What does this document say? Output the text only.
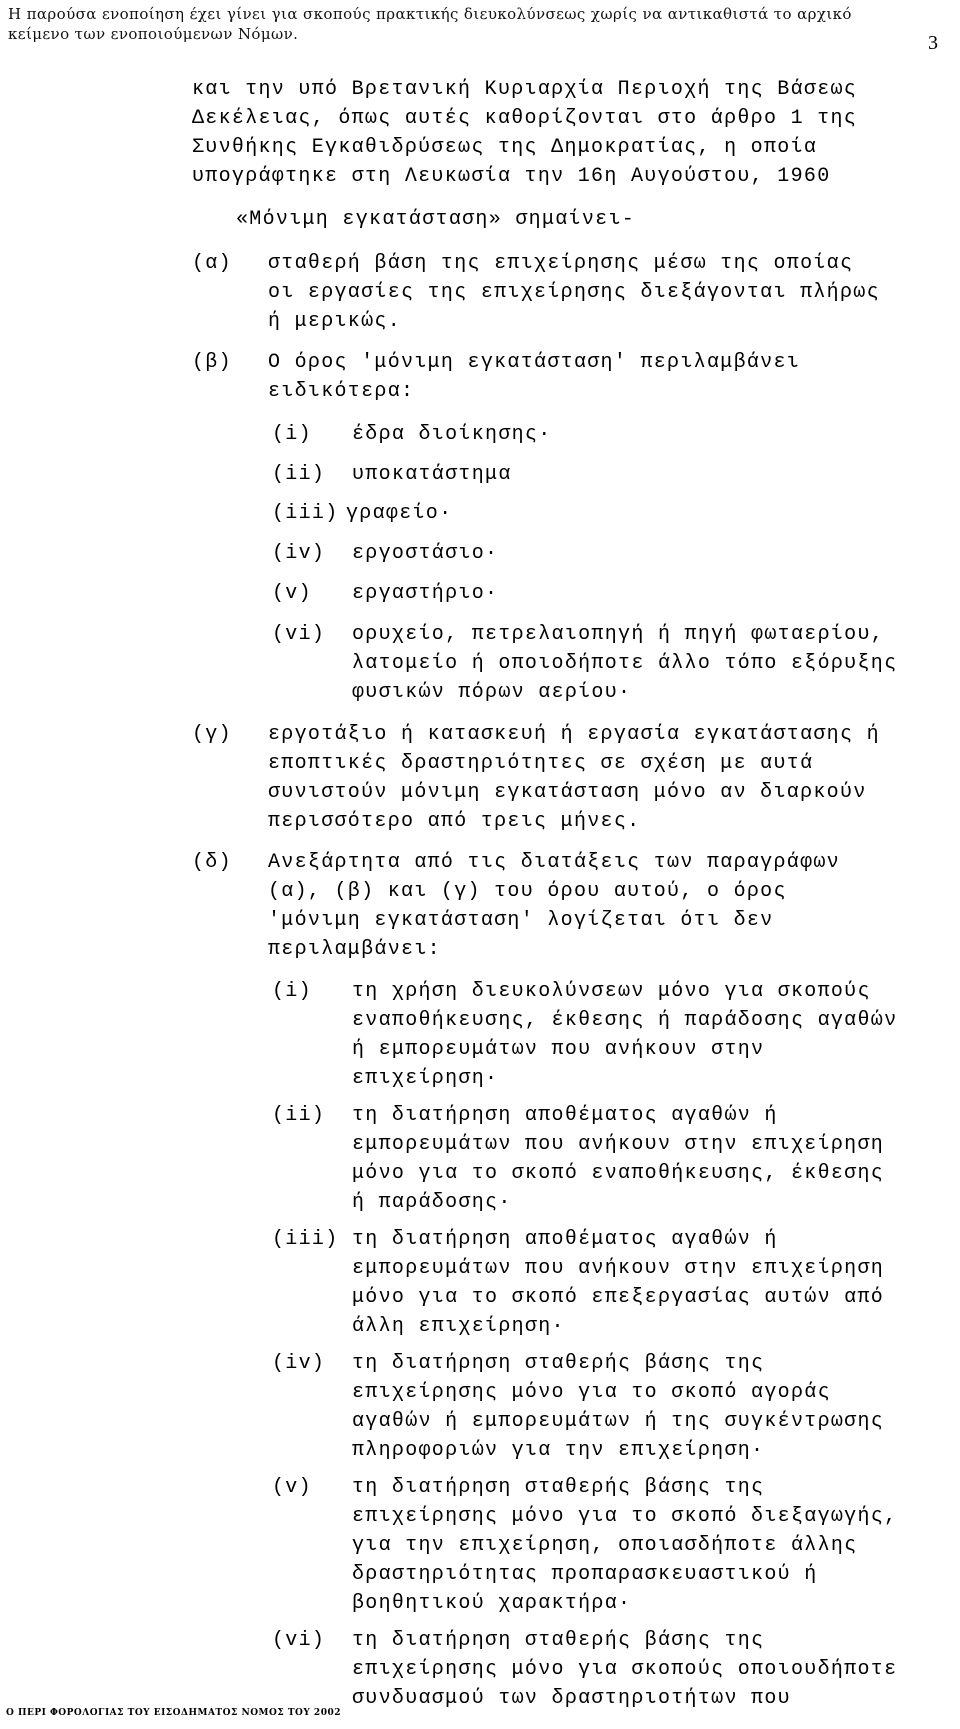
Η παρούσα ενοποίηση έχει γίνει για σκοπούς πρακτικής διευκολύνσεως χωρίς να αντικαθιστά το αρχικό κείμενο των ενοποιούμενων Νόμων.	3
και την υπό Βρετανική Κυριαρχία Περιοχή της Βάσεως
Δεκέλειας, όπως αυτές καθορίζονται στο άρθρο 1 της
Συνθήκης Εγκαθιδρύσεως της Δημοκρατίας, η οποία
υπογράφτηκε στη Λευκωσία την 16η Αυγούστου, 1960
«Μόνιμη εγκατάσταση» σημαίνει-
(α) σταθερή βάση της επιχείρησης μέσω της οποίας
οι εργασίες της επιχείρησης διεξάγονται πλήρως
ή μερικώς.
(β) Ο όρος 'μόνιμη εγκατάσταση' περιλαμβάνει
ειδικότερα:
(i) έδρα διοίκησης·
(ii) υποκατάστημα
(iii) γραφείο·
(iv) εργοστάσιο·
(v) εργαστήριο·
(vi) ορυχείο, πετρελαιοπηγή ή πηγή φωταερίου,
λατομείο ή οποιοδήποτε άλλο τόπο εξόρυξης
φυσικών πόρων αερίου·
(γ) εργοτάξιο ή κατασκευή ή εργασία εγκατάστασης ή
εποπτικές δραστηριότητες σε σχέση με αυτά
συνιστούν μόνιμη εγκατάσταση μόνο αν διαρκούν
περισσότερο από τρεις μήνες.
(δ) Ανεξάρτητα από τις διατάξεις των παραγράφων
(α), (β) και (γ) του όρου αυτού, ο όρος
'μόνιμη εγκατάσταση' λογίζεται ότι δεν
περιλαμβάνει:
(i) τη χρήση διευκολύνσεων μόνο για σκοπούς
εναποθήκευσης, έκθεσης ή παράδοσης αγαθών
ή εμπορευμάτων που ανήκουν στην
επιχείρηση·
(ii) τη διατήρηση αποθέματος αγαθών ή
εμπορευμάτων που ανήκουν στην επιχείρηση
μόνο για το σκοπό εναποθήκευσης, έκθεσης
ή παράδοσης·
(iii) τη διατήρηση αποθέματος αγαθών ή
εμπορευμάτων που ανήκουν στην επιχείρηση
μόνο για το σκοπό επεξεργασίας αυτών από
άλλη επιχείρηση·
(iv) τη διατήρηση σταθερής βάσης της
επιχείρησης μόνο για το σκοπό αγοράς
αγαθών ή εμπορευμάτων ή της συγκέντρωσης
πληροφοριών για την επιχείρηση·
(v) τη διατήρηση σταθερής βάσης της
επιχείρησης μόνο για το σκοπό διεξαγωγής,
για την επιχείρηση, οποιασδήποτε άλλης
δραστηριότητας προπαρασκευαστικού ή
βοηθητικού χαρακτήρα·
(vi) τη διατήρηση σταθερής βάσης της
επιχείρησης μόνο για σκοπούς οποιουδήποτε
συνδυασμού των δραστηριοτήτων που
Ο ΠΕΡΙ ΦΟΡΟΛΟΓΙΑΣ ΤΟΥ ΕΙΣΟΔΗΜΑΤΟΣ ΝΟΜΟΣ ΤΟΥ 2002
